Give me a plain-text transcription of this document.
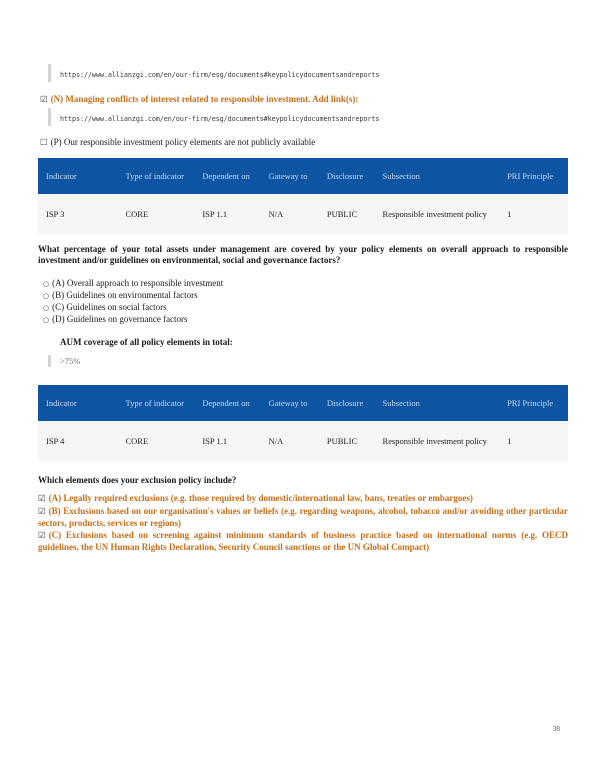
https://www.allianzgi.com/en/our-firm/esg/documents#keypolicydocumentsandreports
☑ (N) Managing conflicts of interest related to responsible investment. Add link(s):
https://www.allianzgi.com/en/our-firm/esg/documents#keypolicydocumentsandreports
☐ (P) Our responsible investment policy elements are not publicly available
Indicator	Type of indicator	Dependent on	Gateway to	Disclosure	Subsection	PRI Principle
ISP 3	CORE	ISP 1.1	N/A	PUBLIC	Responsible investment policy	1
What percentage of your total assets under management are covered by your policy elements on overall approach to responsible investment and/or guidelines on environmental, social and governance factors?
○ (A) Overall approach to responsible investment
○ (B) Guidelines on environmental factors
○ (C) Guidelines on social factors
○ (D) Guidelines on governance factors
AUM coverage of all policy elements in total:
>75%
Indicator	Type of indicator	Dependent on	Gateway to	Disclosure	Subsection	PRI Principle
ISP 4	CORE	ISP 1.1	N/A	PUBLIC	Responsible investment policy	1
Which elements does your exclusion policy include?
☑ (A) Legally required exclusions (e.g. those required by domestic/international law, bans, treaties or embargoes)
☑ (B) Exclusions based on our organisation's values or beliefs (e.g. regarding weapons, alcohol, tobacco and/or avoiding other particular sectors, products, services or regions)
☑ (C) Exclusions based on screening against minimum standards of business practice based on international norms (e.g. OECD guidelines, the UN Human Rights Declaration, Security Council sanctions or the UN Global Compact)
38
